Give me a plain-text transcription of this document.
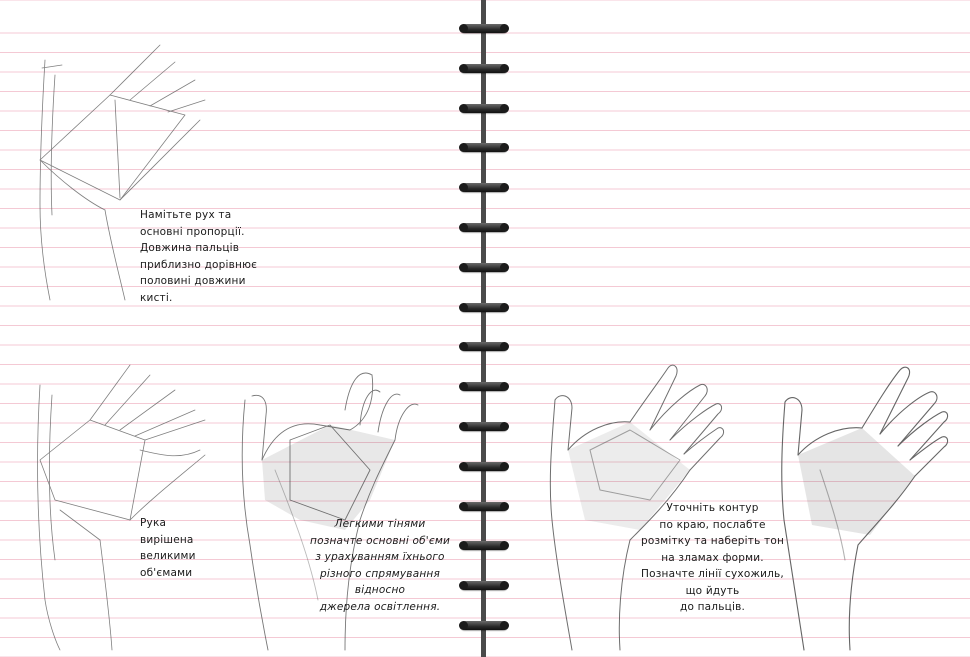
Намітьте рух та
основні пропорції.
Довжина пальців
приблизно дорівнює
половині довжини
кисті.

Рука
вирішена
великими
об'ємами

Легкими тінями
позначте основні об'єми
з урахуванням їхнього
різного спрямування
відносно
джерела освітлення.

Уточніть контур
по краю, послабте
розмітку та наберіть тон
на зламах форми.
Позначте лінії сухожиль,
що йдуть
до пальців.
